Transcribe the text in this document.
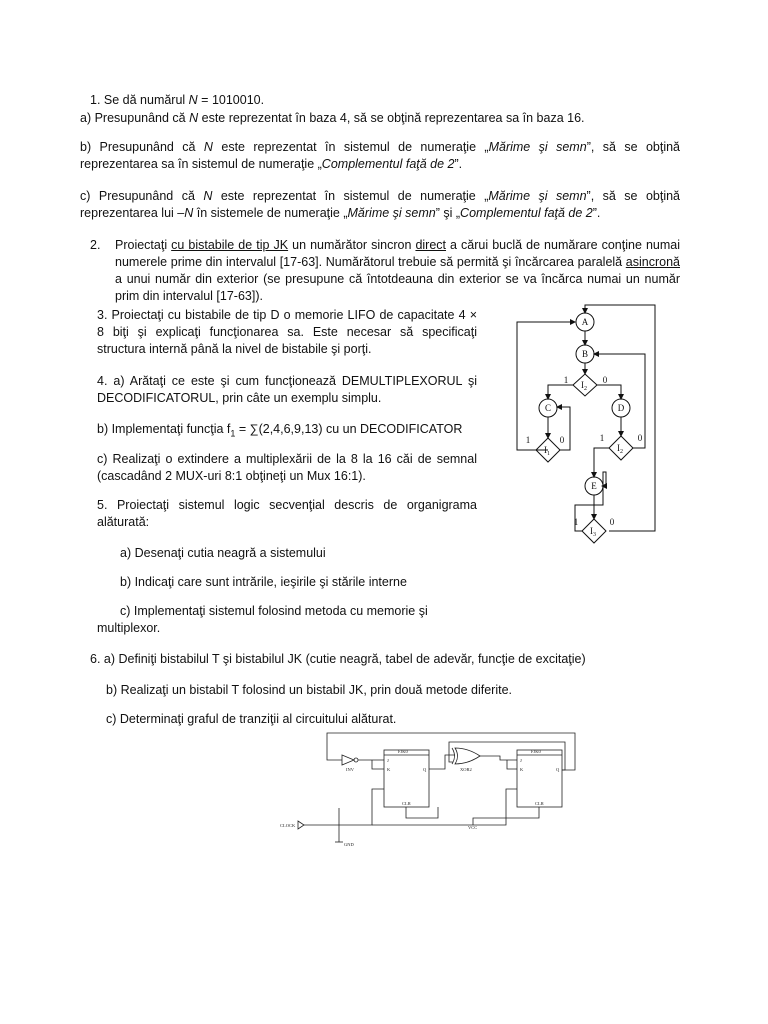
1. Se dă numărul N = 1010010.
a) Presupunând că N este reprezentat în baza 4, să se obţină reprezentarea sa în baza 16.
b) Presupunând că N este reprezentat în sistemul de numeraţie „Mărime şi semn”, să se obţină reprezentarea sa în sistemul de numeraţie „Complementul faţă de 2”.
c) Presupunând că N este reprezentat în sistemul de numeraţie „Mărime şi semn”, să se obţină reprezentarea lui –N în sistemele de numeraţie „Mărime şi semn” şi „Complementul faţă de 2”.
2. Proiectaţi cu bistabile de tip JK un numărător sincron direct a cărui buclă de numărare conţine numai numerele prime din intervalul [17-63]. Numărătorul trebuie să permită şi încărcarea paralelă asincronă a unui număr din exterior (se presupune că întotdeauna din exterior se va încărca numai un număr prim din intervalul [17-63]).
3. Proiectaţi cu bistabile de tip D o memorie LIFO de capacitate 4 × 8 biţi şi explicaţi funcţionarea sa. Este necesar să specificaţi structura internă până la nivel de bistabile şi porţi.
4. a) Arătaţi ce este şi cum funcţionează DEMULTIPLEXORUL şi DECODIFICATORUL, prin câte un exemplu simplu.
b) Implementaţi funcţia $f_1 = \sum(2,4,6,9,13)$ cu un DECODIFICATOR
c) Realizaţi o extindere a multiplexării de la 8 la 16 căi de semnal (cascadând 2 MUX-uri 8:1 obţineţi un Mux 16:1).
5. Proiectaţi sistemul logic secvenţial descris de organigrama alăturată:
a) Desenaţi cutia neagră a sistemului
b) Indicaţi care sunt intrările, ieşirile şi stările interne
c) Implementaţi sistemul folosind metoda cu memorie şi multiplexor.
6. a) Definiţi bistabilul T şi bistabilul JK (cutie neagră, tabel de adevăr, funcţie de excitaţie)
b) Realizaţi un bistabil T folosind un bistabil JK, prin două metode diferite.
c) Determinaţi graful de tranziţii al circuitului alăturat.
A
B
C	D
E
$I_2$
$I_1$
$I_2$
$I_3$
1	0
1	0	1	0
1	0
FJK0	FJK0
J
K	Q
CLR
J
K	Q
CLR
INV	XOR2
CLOCK
GND
VCC
